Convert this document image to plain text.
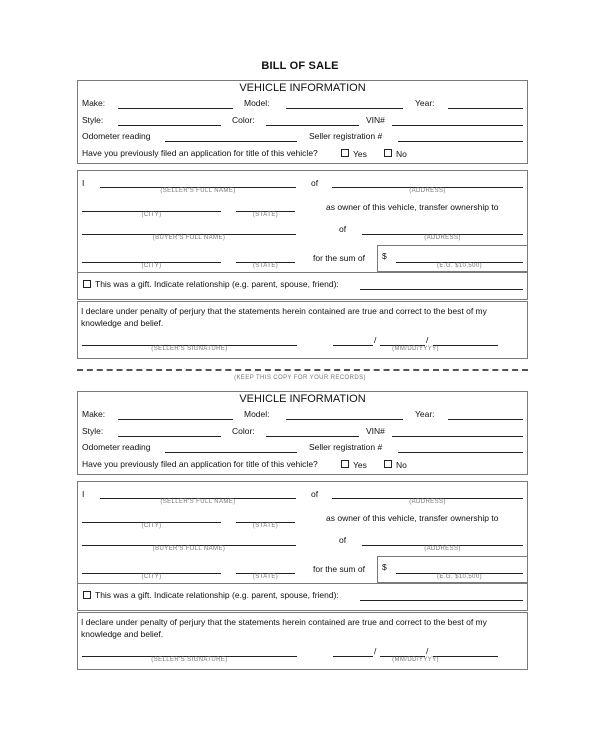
BILL OF SALE
VEHICLE INFORMATION
Make:	Model:	Year:
Style:	Color:	VIN#
Odometer reading	Seller registration #
Have you previously filed an application for title of this vehicle?	Yes	No
I
(SELLER'S FULL NAME)
of
(ADDRESS)
(CITY)	(STATE)
as owner of this vehicle, transfer ownership to
(BUYER'S FULL NAME)
of
(ADDRESS)
(CITY)	(STATE)
for the sum of $
(E.G. $10,500)
This was a gift. Indicate relationship (e.g. parent, spouse, friend):
I declare under penalty of perjury that the statements herein contained are true and correct to the best of my
knowledge and belief.
(SELLER'S SIGNATURE)
/	/
(MM/DD/YYYY)
(KEEP THIS COPY FOR YOUR RECORDS)
VEHICLE INFORMATION
Make:	Model:	Year:
Style:	Color:	VIN#
Odometer reading	Seller registration #
Have you previously filed an application for title of this vehicle?	Yes	No
I
(SELLER'S FULL NAME)
of
(ADDRESS)
(CITY)	(STATE)
as owner of this vehicle, transfer ownership to
(BUYER'S FULL NAME)
of
(ADDRESS)
(CITY)	(STATE)
for the sum of $
(E.G. $10,500)
This was a gift. Indicate relationship (e.g. parent, spouse, friend):
I declare under penalty of perjury that the statements herein contained are true and correct to the best of my
knowledge and belief.
(SELLER'S SIGNATURE)
/	/
(MM/DD/YYYY)
